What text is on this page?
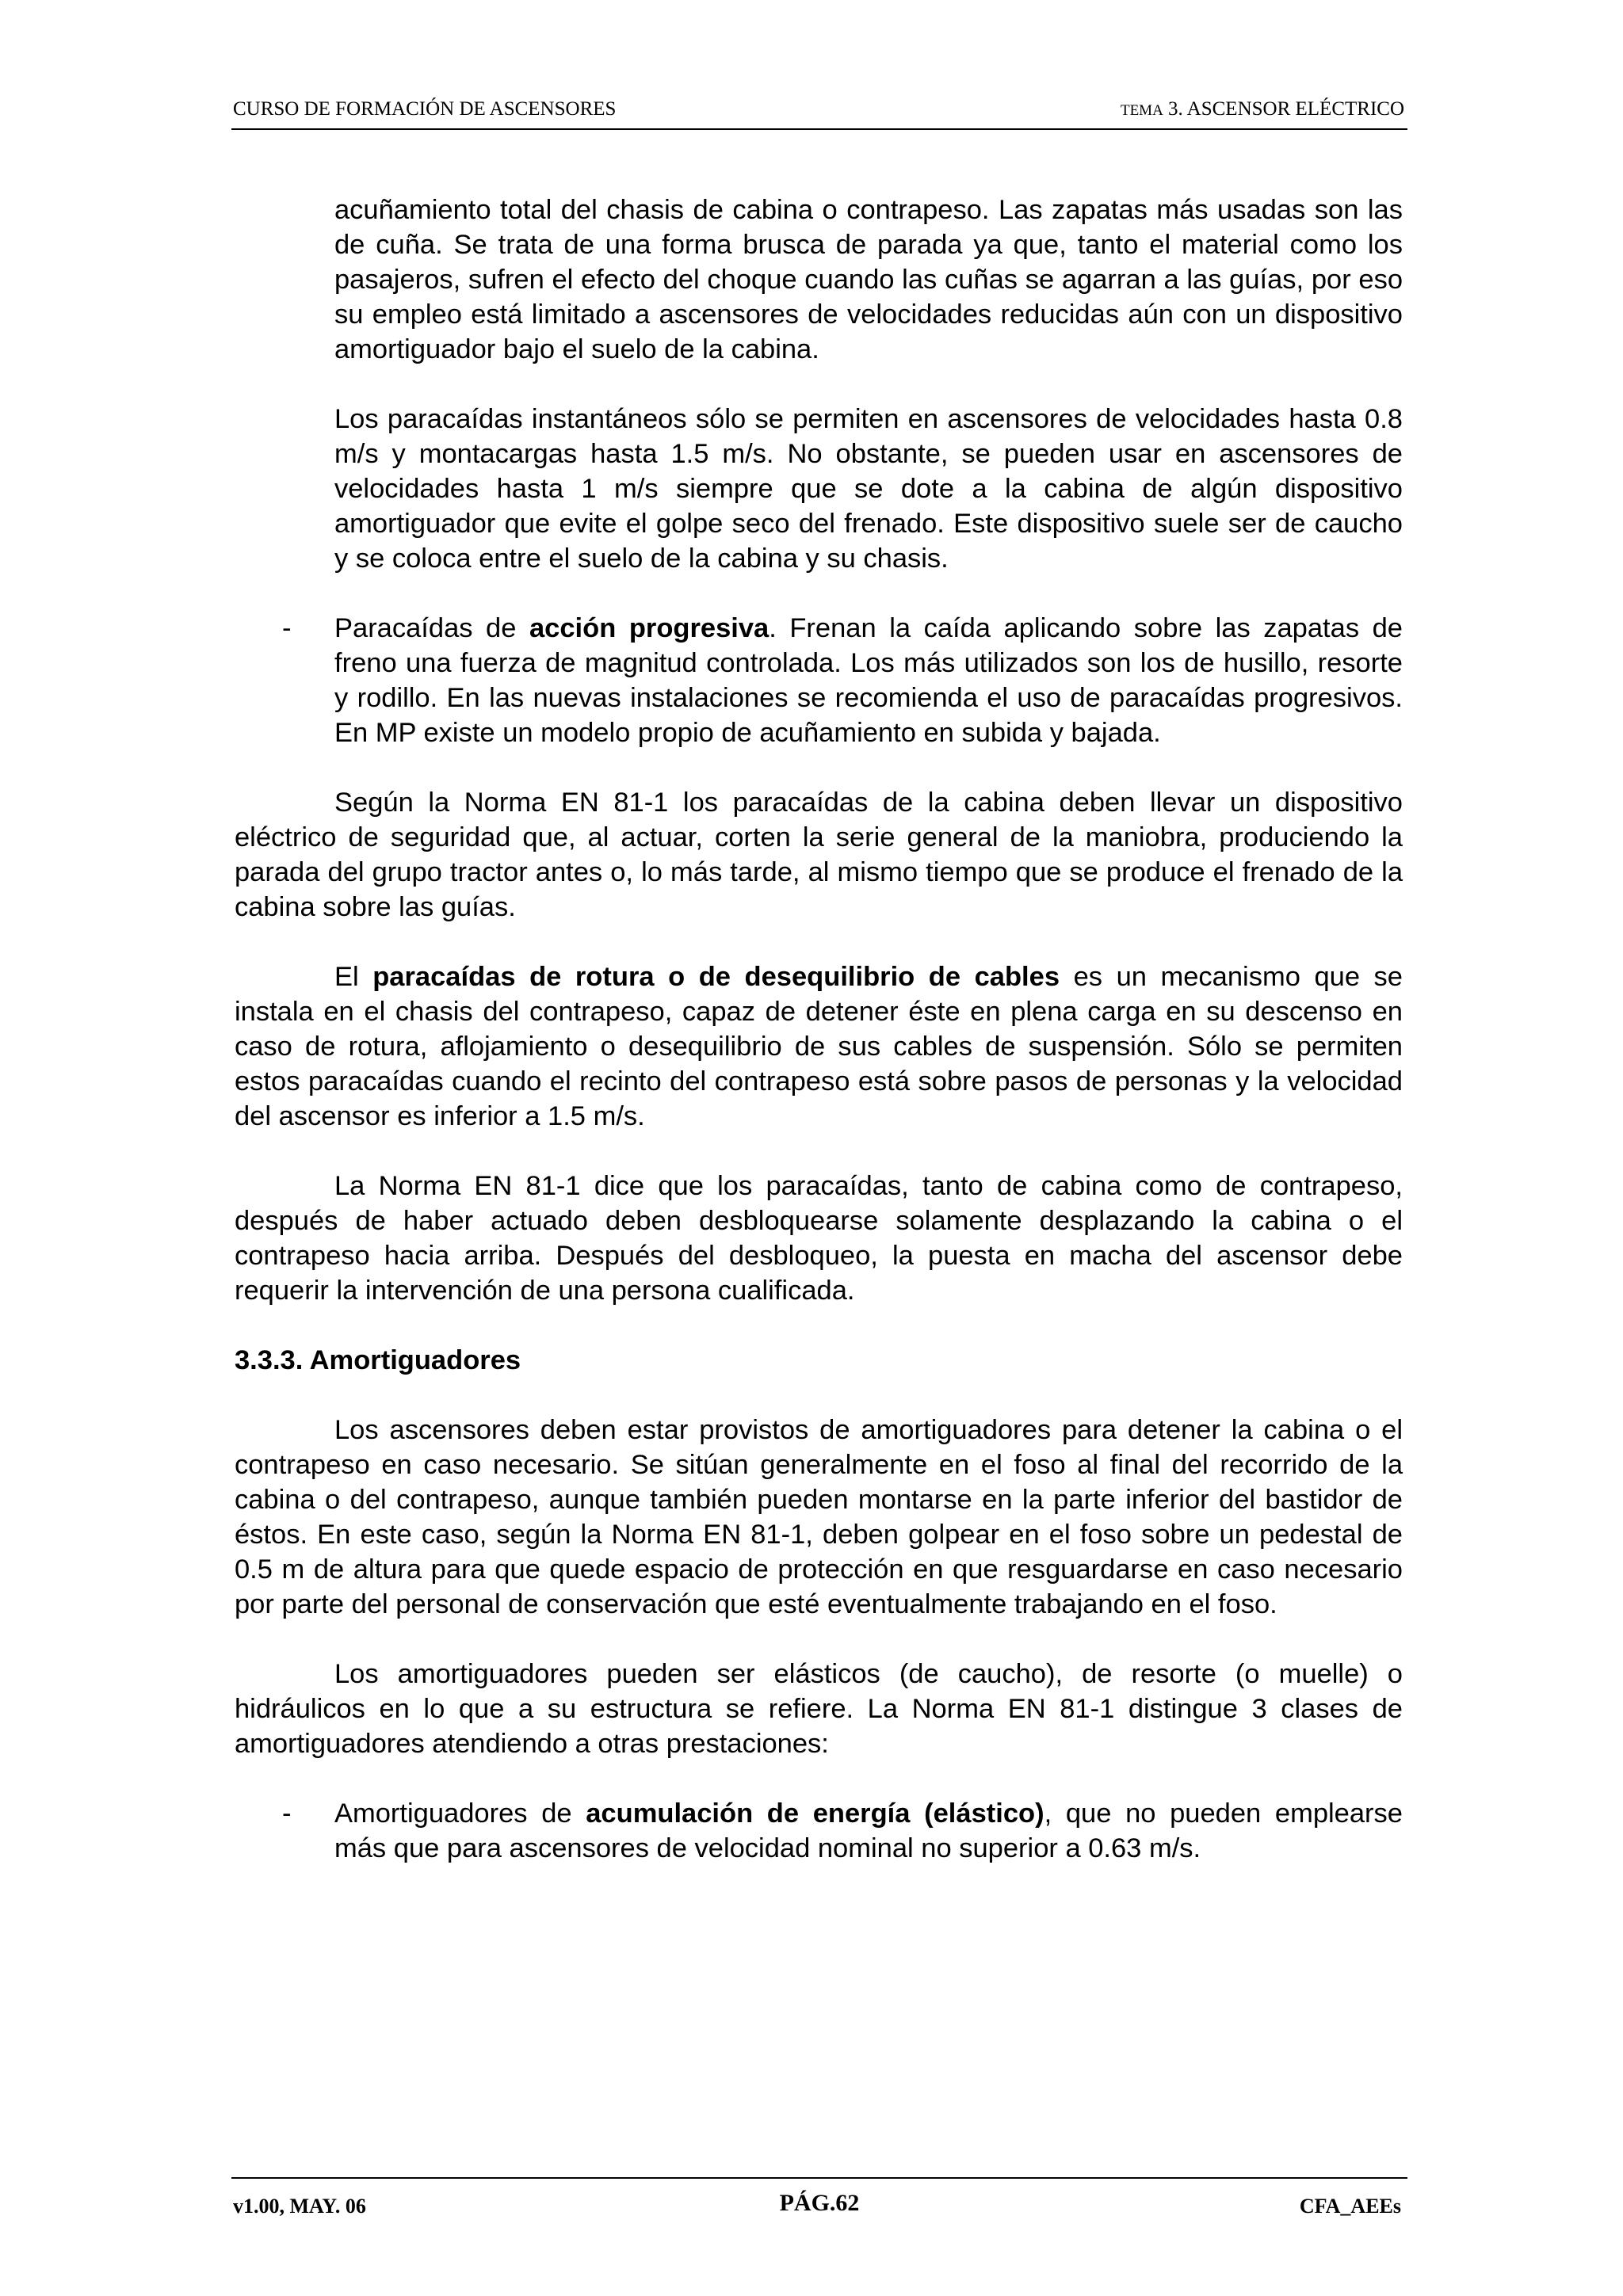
CURSO DE FORMACIÓN DE ASCENSORES	TEMA 3. ASCENSOR ELÉCTRICO

acuñamiento total del chasis de cabina o contrapeso. Las zapatas más usadas son las de cuña. Se trata de una forma brusca de parada ya que, tanto el material como los pasajeros, sufren el efecto del choque cuando las cuñas se agarran a las guías, por eso su empleo está limitado a ascensores de velocidades reducidas aún con un dispositivo amortiguador bajo el suelo de la cabina.

Los paracaídas instantáneos sólo se permiten en ascensores de velocidades hasta 0.8 m/s y montacargas hasta 1.5 m/s. No obstante, se pueden usar en ascensores de velocidades hasta 1 m/s siempre que se dote a la cabina de algún dispositivo amortiguador que evite el golpe seco del frenado. Este dispositivo suele ser de caucho y se coloca entre el suelo de la cabina y su chasis.

- Paracaídas de acción progresiva. Frenan la caída aplicando sobre las zapatas de freno una fuerza de magnitud controlada. Los más utilizados son los de husillo, resorte y rodillo. En las nuevas instalaciones se recomienda el uso de paracaídas progresivos. En MP existe un modelo propio de acuñamiento en subida y bajada.

Según la Norma EN 81-1 los paracaídas de la cabina deben llevar un dispositivo eléctrico de seguridad que, al actuar, corten la serie general de la maniobra, produciendo la parada del grupo tractor antes o, lo más tarde, al mismo tiempo que se produce el frenado de la cabina sobre las guías.

El paracaídas de rotura o de desequilibrio de cables es un mecanismo que se instala en el chasis del contrapeso, capaz de detener éste en plena carga en su descenso en caso de rotura, aflojamiento o desequilibrio de sus cables de suspensión. Sólo se permiten estos paracaídas cuando el recinto del contrapeso está sobre pasos de personas y la velocidad del ascensor es inferior a 1.5 m/s.

La Norma EN 81-1 dice que los paracaídas, tanto de cabina como de contrapeso, después de haber actuado deben desbloquearse solamente desplazando la cabina o el contrapeso hacia arriba. Después del desbloqueo, la puesta en macha del ascensor debe requerir la intervención de una persona cualificada.

3.3.3. Amortiguadores

Los ascensores deben estar provistos de amortiguadores para detener la cabina o el contrapeso en caso necesario. Se sitúan generalmente en el foso al final del recorrido de la cabina o del contrapeso, aunque también pueden montarse en la parte inferior del bastidor de éstos. En este caso, según la Norma EN 81-1, deben golpear en el foso sobre un pedestal de 0.5 m de altura para que quede espacio de protección en que resguardarse en caso necesario por parte del personal de conservación que esté eventualmente trabajando en el foso.

Los amortiguadores pueden ser elásticos (de caucho), de resorte (o muelle) o hidráulicos en lo que a su estructura se refiere. La Norma EN 81-1 distingue 3 clases de amortiguadores atendiendo a otras prestaciones:

- Amortiguadores de acumulación de energía (elástico), que no pueden emplearse más que para ascensores de velocidad nominal no superior a 0.63 m/s.

v1.00, MAY. 06	PÁG.62	CFA_AEEs
